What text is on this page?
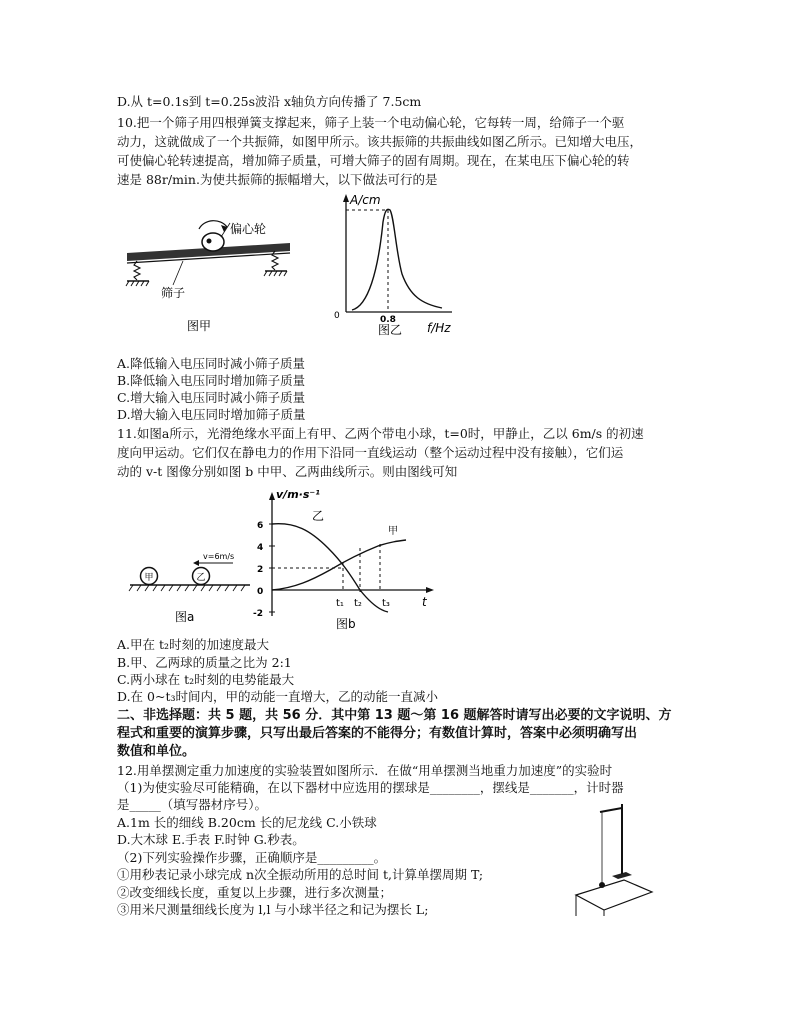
D.从 t=0.1s到 t=0.25s波沿 x轴负方向传播了 7.5cm
10.把一个筛子用四根弹簧支撑起来，筛子上装一个电动偏心轮，它每转一周，给筛子一个驱
动力，这就做成了一个共振筛，如图甲所示。该共振筛的共振曲线如图乙所示。已知增大电压，
可使偏心轮转速提高，增加筛子质量，可增大筛子的固有周期。现在，在某电压下偏心轮的转
速是 88r/min.为使共振筛的振幅增大，以下做法可行的是
偏心轮
筛子
图甲
A/cm
0	0.8
图乙 f/Hz
A.降低输入电压同时减小筛子质量
B.降低输入电压同时增加筛子质量
C.增大输入电压同时减小筛子质量
D.增大输入电压同时增加筛子质量
11.如图a所示，光滑绝缘水平面上有甲、乙两个带电小球，t=0时，甲静止，乙以 6m/s 的初速
度向甲运动。它们仅在静电力的作用下沿同一直线运动（整个运动过程中没有接触），它们运
动的 v-t 图像分别如图 b 中甲、乙两曲线所示。则由图线可知
甲	乙
v=6m/s
图a
v/m·s⁻¹
6
4
2
0
-2
t₁ t₂ t₃	t
乙
甲
图b
A.甲在 t₂时刻的加速度最大
B.甲、乙两球的质量之比为 2:1
C.两小球在 t₂时刻的电势能最大
D.在 0~t₃时间内，甲的动能一直增大，乙的动能一直减小
二、非选择题：共 5 题，共 56 分．其中第 13 题～第 16 题解答时请写出必要的文字说明、方
程式和重要的演算步骤，只写出最后答案的不能得分；有数值计算时，答案中必须明确写出
数值和单位。
12.用单摆测定重力加速度的实验装置如图所示．在做“用单摆测当地重力加速度”的实验时
（1)为使实验尽可能精确，在以下器材中应选用的摆球是________，摆线是_______，计时器
是_____（填写器材序号）。
A.1m 长的细线 B.20cm 长的尼龙线 C.小铁球
D.大木球 E.手表 F.时钟 G.秒表。
（2)下列实验操作步骤，正确顺序是_________。
①用秒表记录小球完成 n次全振动所用的总时间 t,计算单摆周期 T;
②改变细线长度，重复以上步骤，进行多次测量；
③用米尺测量细线长度为 l,l 与小球半径之和记为摆长 L;
